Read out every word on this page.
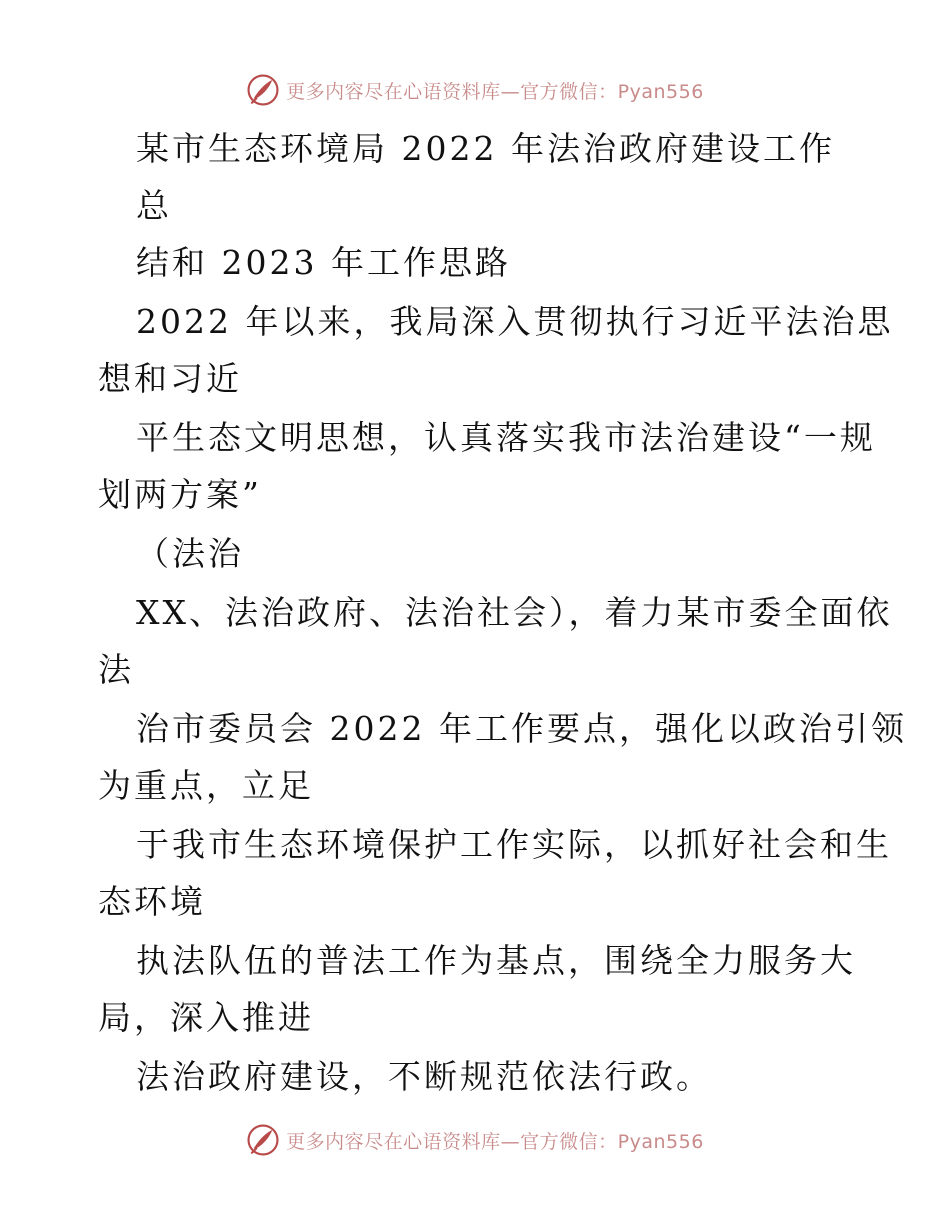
更多内容尽在心语资料库—官方微信：Pyan556
某市生态环境局 2022 年法治政府建设工作
总
结和 2023 年工作思路
2022 年以来，我局深入贯彻执行习近平法治思
想和习近
平生态文明思想，认真落实我市法治建设“一规
划两方案”
（法治
XX、法治政府、法治社会），着力某市委全面依
法
治市委员会 2022 年工作要点，强化以政治引领
为重点，立足
于我市生态环境保护工作实际，以抓好社会和生
态环境
执法队伍的普法工作为基点，围绕全力服务大
局，深入推进
法治政府建设，不断规范依法行政。
更多内容尽在心语资料库—官方微信：Pyan556
